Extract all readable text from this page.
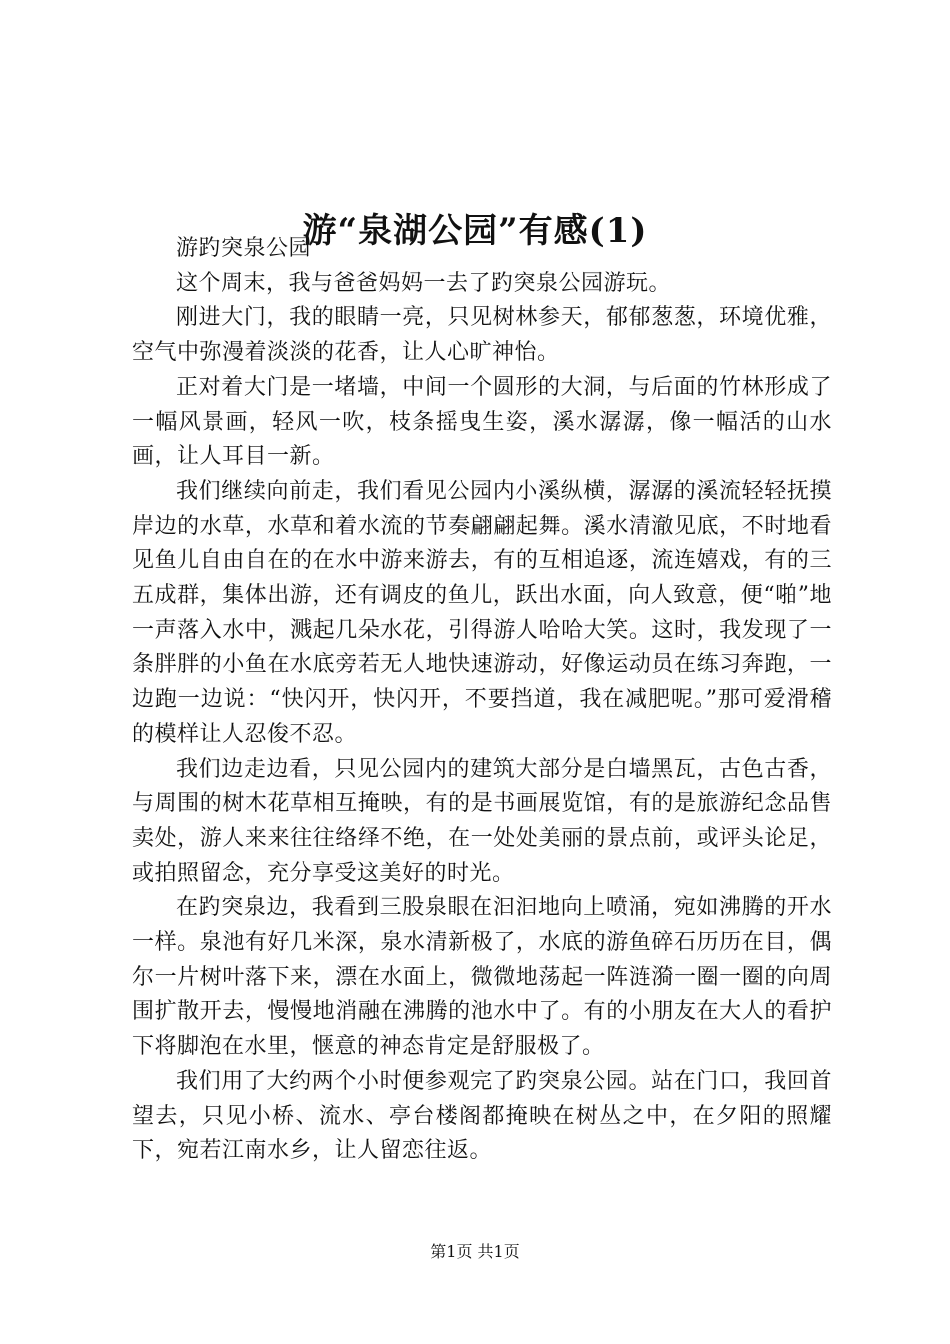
游“泉湖公园”有感(1)

游趵突泉公园

这个周末，我与爸爸妈妈一去了趵突泉公园游玩。

刚进大门，我的眼睛一亮，只见树林参天，郁郁葱葱，环境优雅，空气中弥漫着淡淡的花香，让人心旷神怡。

正对着大门是一堵墙，中间一个圆形的大洞，与后面的竹林形成了一幅风景画，轻风一吹，枝条摇曳生姿，溪水潺潺，像一幅活的山水画，让人耳目一新。

我们继续向前走，我们看见公园内小溪纵横，潺潺的溪流轻轻抚摸岸边的水草，水草和着水流的节奏翩翩起舞。溪水清澈见底，不时地看见鱼儿自由自在的在水中游来游去，有的互相追逐，流连嬉戏，有的三五成群，集体出游，还有调皮的鱼儿，跃出水面，向人致意，便“啪”地一声落入水中，溅起几朵水花，引得游人哈哈大笑。这时，我发现了一条胖胖的小鱼在水底旁若无人地快速游动，好像运动员在练习奔跑，一边跑一边说：“快闪开，快闪开，不要挡道，我在减肥呢。”那可爱滑稽的模样让人忍俊不忍。

我们边走边看，只见公园内的建筑大部分是白墙黑瓦，古色古香，与周围的树木花草相互掩映，有的是书画展览馆，有的是旅游纪念品售卖处，游人来来往往络绎不绝，在一处处美丽的景点前，或评头论足，或拍照留念，充分享受这美好的时光。

在趵突泉边，我看到三股泉眼在汩汩地向上喷涌，宛如沸腾的开水一样。泉池有好几米深，泉水清新极了，水底的游鱼碎石历历在目，偶尔一片树叶落下来，漂在水面上，微微地荡起一阵涟漪一圈一圈的向周围扩散开去，慢慢地消融在沸腾的池水中了。有的小朋友在大人的看护下将脚泡在水里，惬意的神态肯定是舒服极了。

我们用了大约两个小时便参观完了趵突泉公园。站在门口，我回首望去，只见小桥、流水、亭台楼阁都掩映在树丛之中，在夕阳的照耀下，宛若江南水乡，让人留恋往返。

第1页 共1页
